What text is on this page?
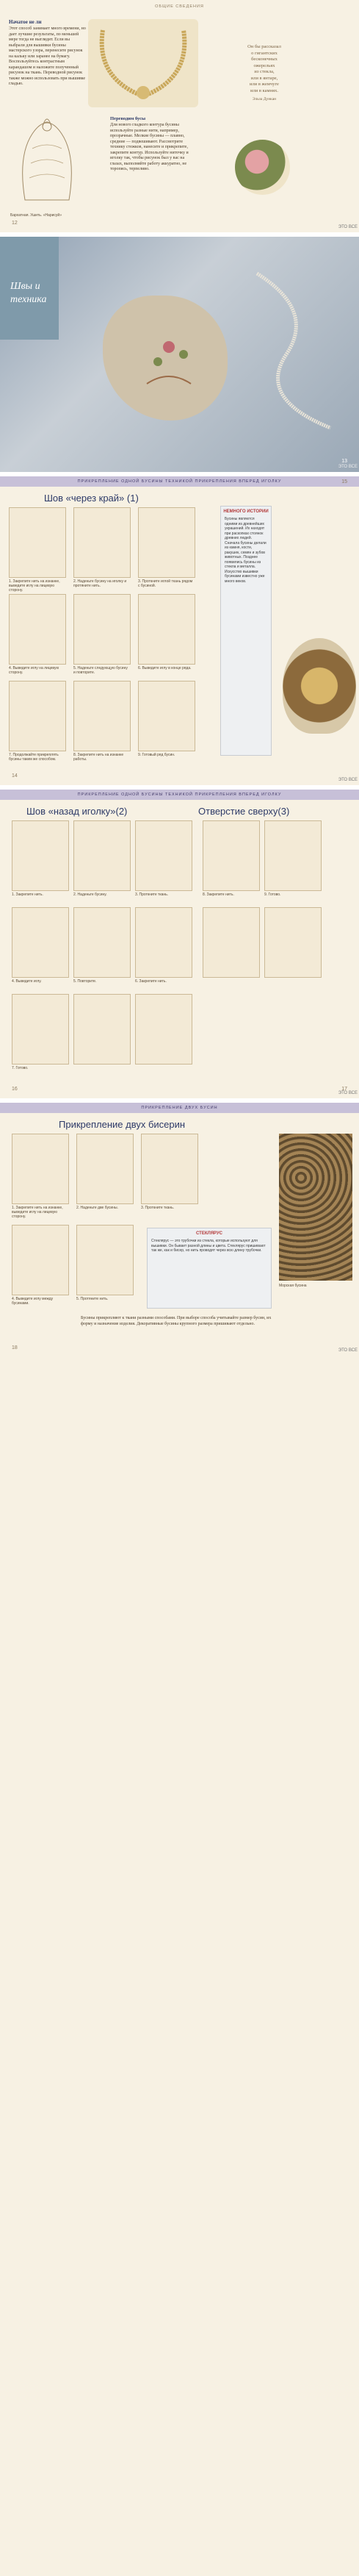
ОБЩИЕ СВЕДЕНИЯ
Начатое не ли
Этот способ занимает много времени, но дает лучшие результаты, по меньшей мере тогда не выглядит. Если вы выбрали для вышивки бусины мастерского узора, перенесите рисунок на кальку или заранее на бумагу. Воспользуйтесь контрастным карандашом и наложите полученный рисунок на ткань. Переводной рисунок также можно использовать при вышивке гладью.
Бархатная. Ушить. «Нарисуй»
Переводим бусы
Для нового гладкого контура бусины используйте разные нити, например, прозрачные. Мелкие бусины — плавно, средние — подвешивают. Рассмотрите технику стежков, нанесите и прикрепите, закрепите контур. Используйте ниточку и иголку так, чтобы рисунок был у вас на глазах, выполняйте работу аккуратно, не торопясь, терпеливо.
Он бы рассказал
о гигантских
бесконечных
ожерельях
из стекла,
или в янтаре,
или в жемчуге
или в камнях.
Эльза Дункан
12
ЭТО ВСЕ
Швы и
техника
13
ЭТО ВСЕ
ПРИКРЕПЛЕНИЕ ОДНОЙ БУСИНЫ ТЕХНИКОЙ ПРИКРЕПЛЕНИЯ ВПЕРЕД ИГОЛКУ
Шов «через край» (1)
1. Закрепите нить на изнанке, выведите иглу на лицевую сторону.
2. Наденьте бусину на иголку и протяните нить.
3. Проткните иглой ткань рядом с бусиной.
4. Выведите иглу на лицевую сторону.
5. Наденьте следующую бусину и повторите.
6. Выведите иглу в конце ряда.
7. Продолжайте прикреплять бусины таким же способом.
8. Закрепите нить на изнанке работы.
9. Готовый ряд бусин.
НЕМНОГО ИСТОРИИ

Бусины являются одними из древнейших украшений. Их находят при раскопках стоянок древних людей. Сначала бусины делали из камня, кости, ракушек, семян и зубов животных. Позднее появились бусины из стекла и металла. Искусство вышивки бусинами известно уже много веков.

14
15
ЭТО ВСЕ
ПРИКРЕПЛЕНИЕ ОДНОЙ БУСИНЫ ТЕХНИКОЙ ПРИКРЕПЛЕНИЯ ВПЕРЕД ИГОЛКУ
Шов «назад иголку»(2)	Отверстие сверху(3)
1. Закрепите нить.	2. Наденьте бусину.	3. Проткните ткань.	8. Закрепите нить.	9. Готово.
4. Выведите иглу.	5. Повторите.	6. Закрепите нить.
7. Готово.
16	17
ЭТО ВСЕ
ПРИКРЕПЛЕНИЕ ДВУХ БУСИН
Прикрепление двух бисерин
1. Закрепите нить на изнанке, выведите иглу на лицевую сторону.
2. Наденьте две бусины.	3. Проткните ткань.
4. Выведите иглу между бусинами.
5. Протяните нить.
СТЕКЛЯРУС

Стеклярус — это трубочки из стекла, которые используют для вышивки. Он бывает разной длины и цвета. Стеклярус пришивают так же, как и бисер, но нить проводят через всю длину трубочки.

Морская бусина
Бусины прикрепляют к ткани разными способами. При выборе способа учитывайте размер бусин, их форму и назначение изделия. Декоративные бусины крупного размера пришивают отдельно.
18	ЭТО ВСЕ
